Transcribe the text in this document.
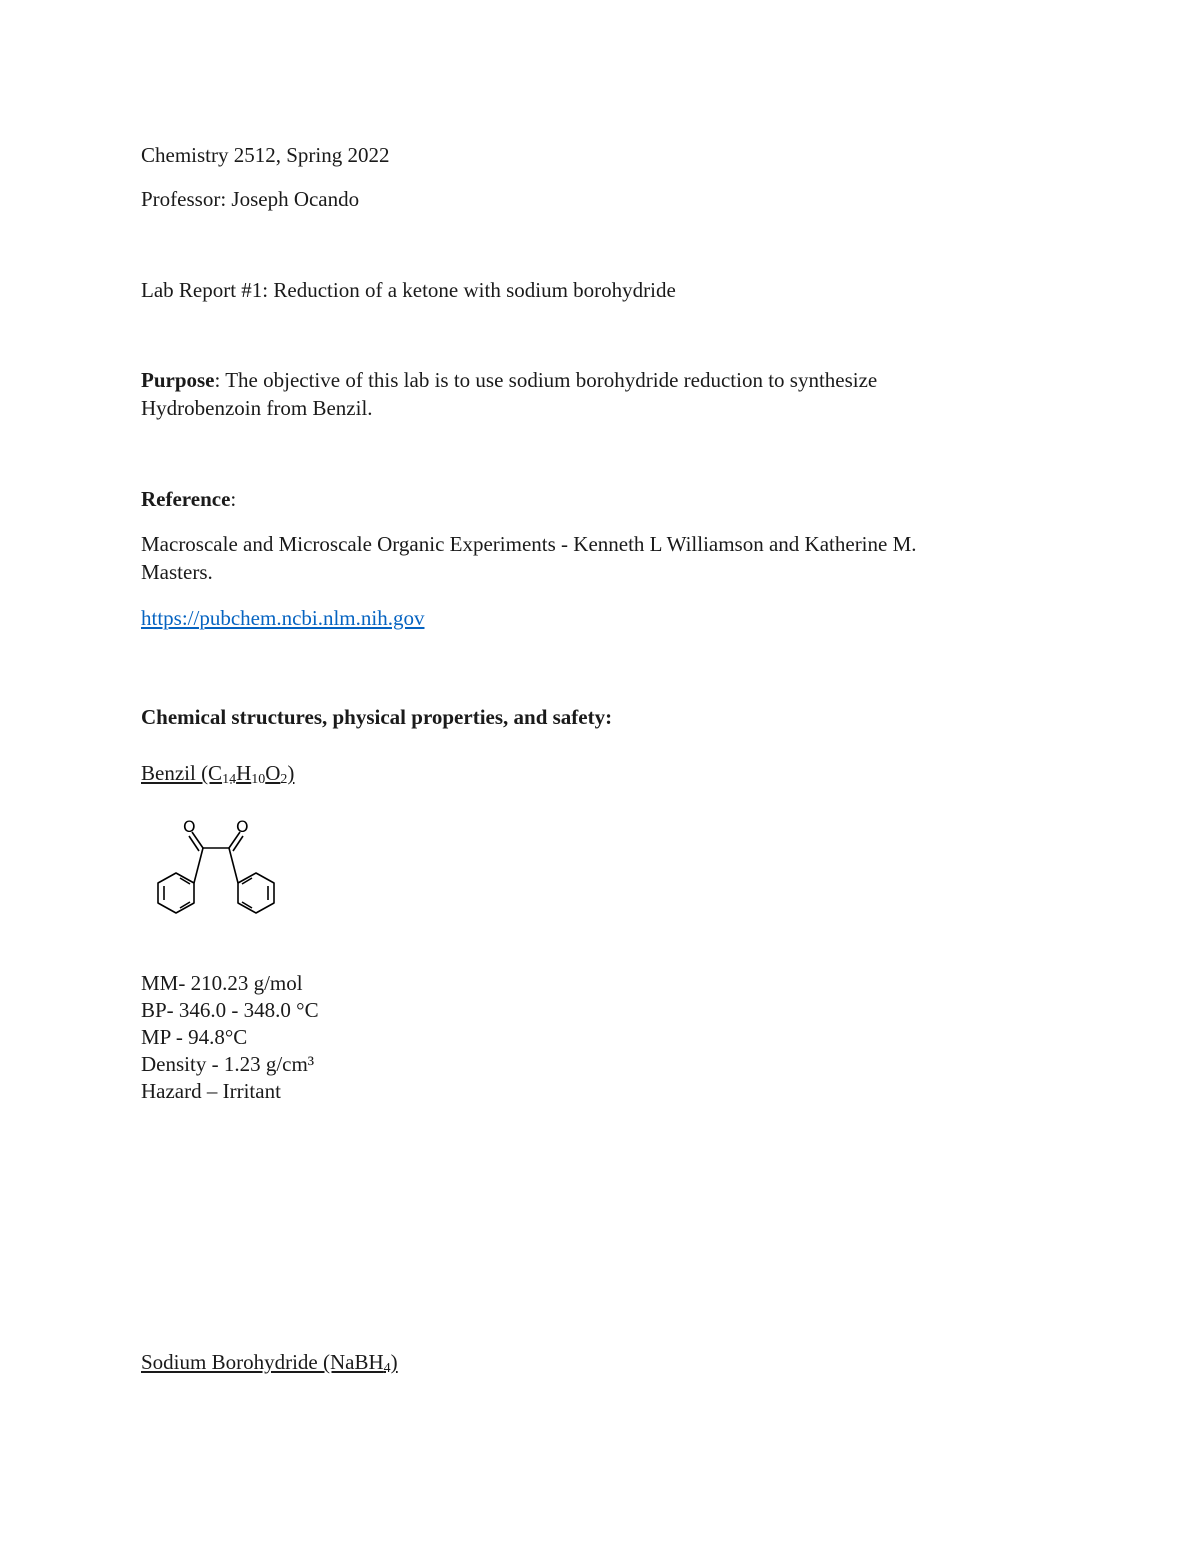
Chemistry 2512, Spring 2022
Professor: Joseph Ocando
Lab Report #1: Reduction of a ketone with sodium borohydride
Purpose: The objective of this lab is to use sodium borohydride reduction to synthesize
Hydrobenzoin from Benzil.
Reference:
Macroscale and Microscale Organic Experiments - Kenneth L Williamson and Katherine M.
Masters.
https://pubchem.ncbi.nlm.nih.gov
Chemical structures, physical properties, and safety:
Benzil $(C_{14}H_{10}O_2)$
O	O
MM- 210.23 g/mol
BP- 346.0 - 348.0 °C
MP - 94.8°C
Density - 1.23 g/cm³
Hazard – Irritant
Sodium Borohydride (NaBH$_4$)
